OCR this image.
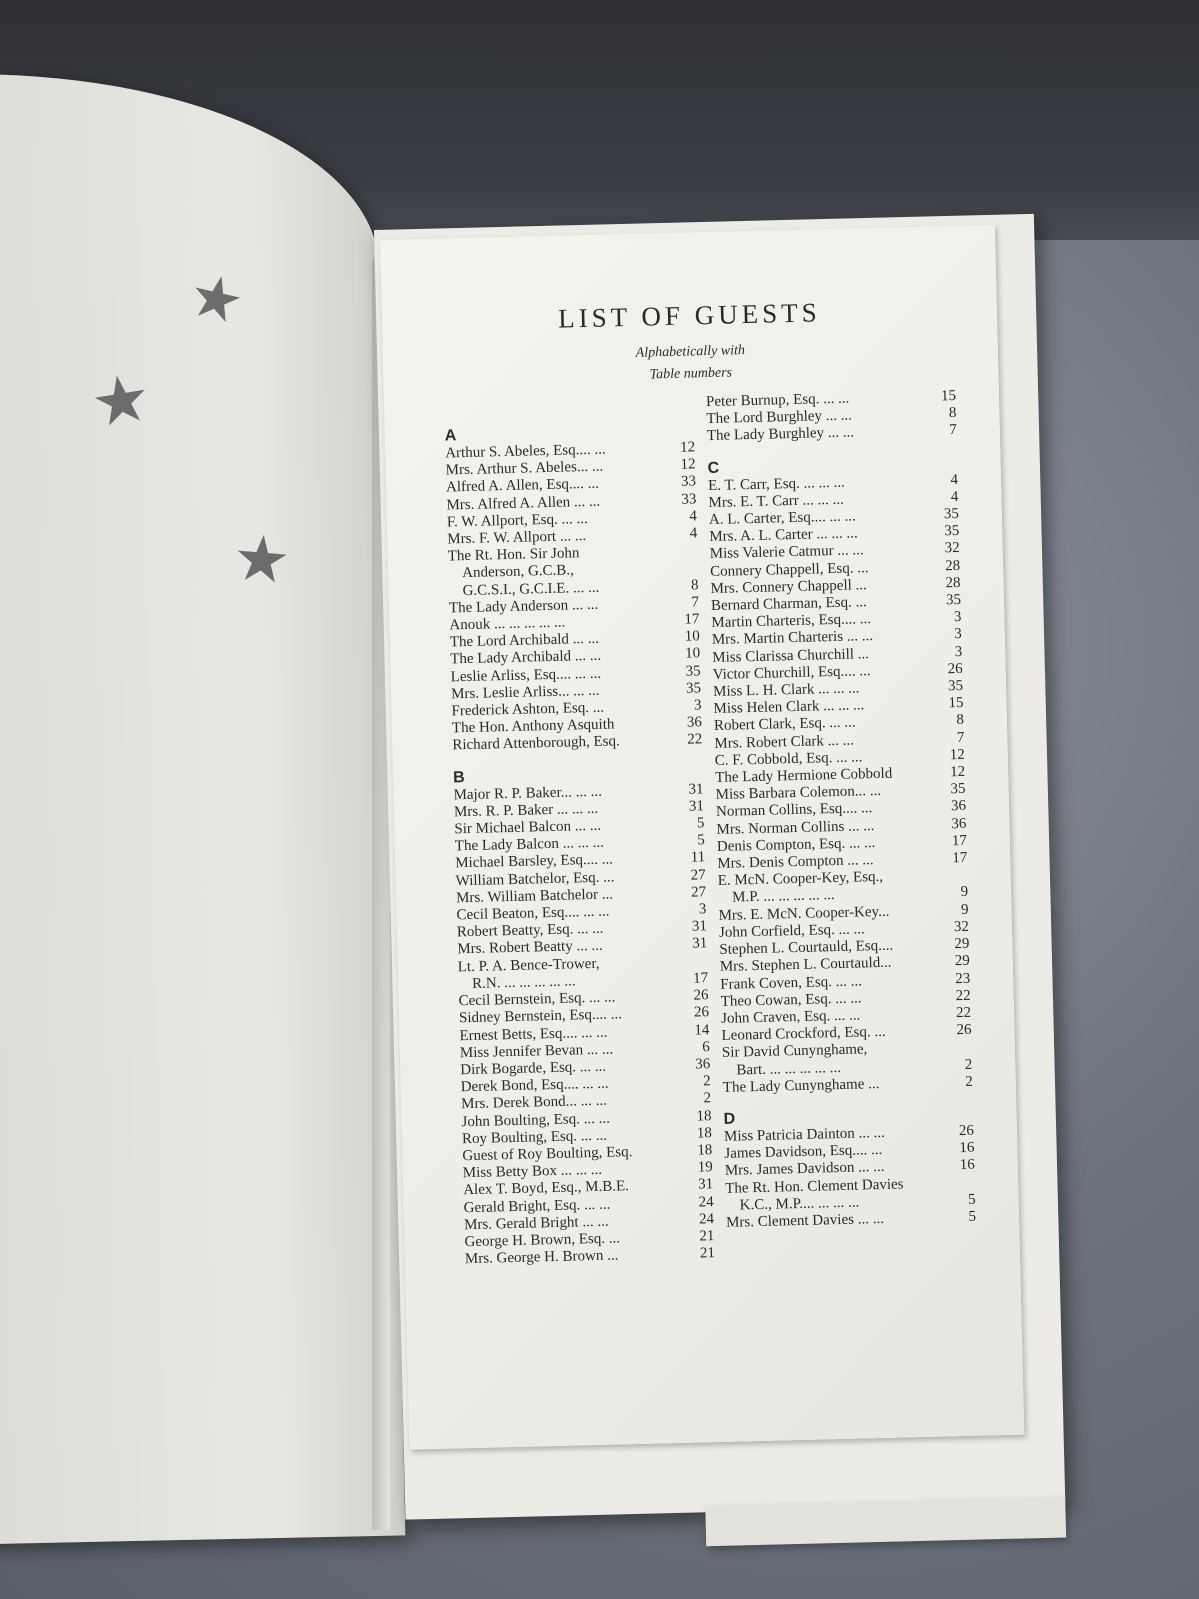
★
★
★
LIST OF GUESTS
Alphabetically with
Table numbers
A
Arthur S. Abeles, Esq.... ...	12
Mrs. Arthur S. Abeles... ...	12
Alfred A. Allen, Esq.... ...	33
Mrs. Alfred A. Allen ... ...	33
F. W. Allport, Esq. ... ...	4
Mrs. F. W. Allport ... ...	4
The Rt. Hon. Sir John
Anderson, G.C.B.,
G.C.S.I., G.C.I.E. ... ...	8
The Lady Anderson ... ...	7
Anouk ... ... ... ... ...	17
The Lord Archibald ... ...	10
The Lady Archibald ... ...	10
Leslie Arliss, Esq.... ... ...	35
Mrs. Leslie Arliss... ... ...	35
Frederick Ashton, Esq. ...	3
The Hon. Anthony Asquith	36
Richard Attenborough, Esq.	22
B
Major R. P. Baker... ... ...	31
Mrs. R. P. Baker ... ... ...	31
Sir Michael Balcon ... ...	5
The Lady Balcon ... ... ...	5
Michael Barsley, Esq.... ...	11
William Batchelor, Esq. ...	27
Mrs. William Batchelor ...	27
Cecil Beaton, Esq.... ... ...	3
Robert Beatty, Esq. ... ...	31
Mrs. Robert Beatty ... ...	31
Lt. P. A. Bence-Trower,
R.N. ... ... ... ... ...	17
Cecil Bernstein, Esq. ... ...	26
Sidney Bernstein, Esq.... ...	26
Ernest Betts, Esq.... ... ...	14
Miss Jennifer Bevan ... ...	6
Dirk Bogarde, Esq. ... ...	36
Derek Bond, Esq.... ... ...	2
Mrs. Derek Bond... ... ...	2
John Boulting, Esq. ... ...	18
Roy Boulting, Esq. ... ...	18
Guest of Roy Boulting, Esq.	18
Miss Betty Box ... ... ...	19
Alex T. Boyd, Esq., M.B.E.	31
Gerald Bright, Esq. ... ...	24
Mrs. Gerald Bright ... ...	24
George H. Brown, Esq. ...	21
Mrs. George H. Brown ...	21
Peter Burnup, Esq. ... ...	15
The Lord Burghley ... ...	8
The Lady Burghley ... ...	7
C
E. T. Carr, Esq. ... ... ...	4
Mrs. E. T. Carr ... ... ...	4
A. L. Carter, Esq.... ... ...	35
Mrs. A. L. Carter ... ... ...	35
Miss Valerie Catmur ... ...	32
Connery Chappell, Esq. ...	28
Mrs. Connery Chappell ...	28
Bernard Charman, Esq. ...	35
Martin Charteris, Esq.... ...	3
Mrs. Martin Charteris ... ...	3
Miss Clarissa Churchill ...	3
Victor Churchill, Esq.... ...	26
Miss L. H. Clark ... ... ...	35
Miss Helen Clark ... ... ...	15
Robert Clark, Esq. ... ...	8
Mrs. Robert Clark ... ...	7
C. F. Cobbold, Esq. ... ...	12
The Lady Hermione Cobbold	12
Miss Barbara Colemon... ...	35
Norman Collins, Esq.... ...	36
Mrs. Norman Collins ... ...	36
Denis Compton, Esq. ... ...	17
Mrs. Denis Compton ... ...	17
E. McN. Cooper-Key, Esq.,
M.P. ... ... ... ... ...	9
Mrs. E. McN. Cooper-Key...	9
John Corfield, Esq. ... ...	32
Stephen L. Courtauld, Esq....	29
Mrs. Stephen L. Courtauld...	29
Frank Coven, Esq. ... ...	23
Theo Cowan, Esq. ... ...	22
John Craven, Esq. ... ...	22
Leonard Crockford, Esq. ...	26
Sir David Cunynghame,
Bart. ... ... ... ... ...	2
The Lady Cunynghame ...	2
D
Miss Patricia Dainton ... ...	26
James Davidson, Esq.... ...	16
Mrs. James Davidson ... ...	16
The Rt. Hon. Clement Davies
K.C., M.P.... ... ... ...	5
Mrs. Clement Davies ... ...	5
